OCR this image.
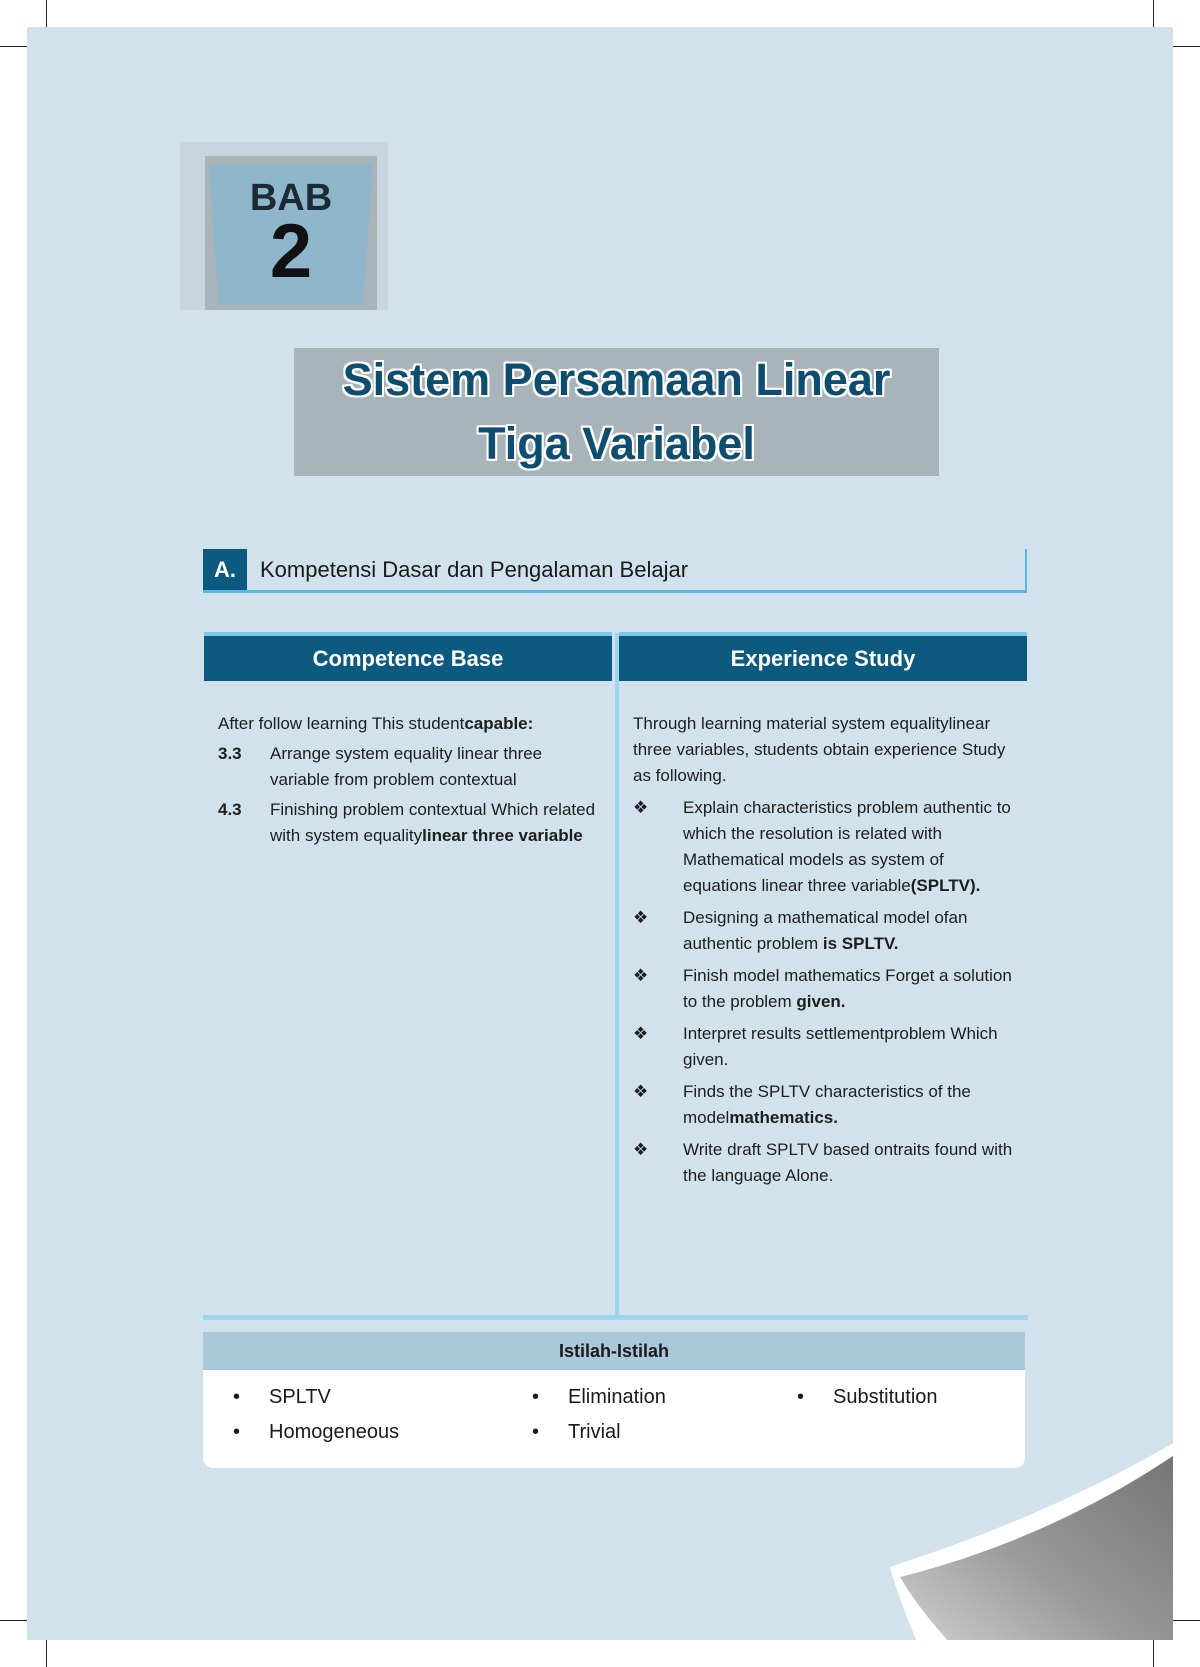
BAB
2
Sistem Persamaan Linear
Tiga Variabel
A.	Kompetensi Dasar dan Pengalaman Belajar
Competence Base	Experience Study
After follow learning This studentcapable:
3.3 Arrange system equality linear three variable from problem contextual
4.3 Finishing problem contextual Which related with system equalitylinear three variable
Through learning material system equalitylinear three variables, students obtain experience Study as following.
❖ Explain characteristics problem authentic to which the resolution is related with Mathematical models as system of equations linear three variable(SPLTV).
❖ Designing a mathematical model ofan authentic problem is SPLTV.
❖ Finish model mathematics Forget a solution to the problem given.
❖ Interpret results settlementproblem Which given.
❖ Finds the SPLTV characteristics of the modelmathematics.
❖ Write draft SPLTV based ontraits found with the language Alone.
Istilah-Istilah
• SPLTV
• Homogeneous
• Elimination
• Trivial
• Substitution
